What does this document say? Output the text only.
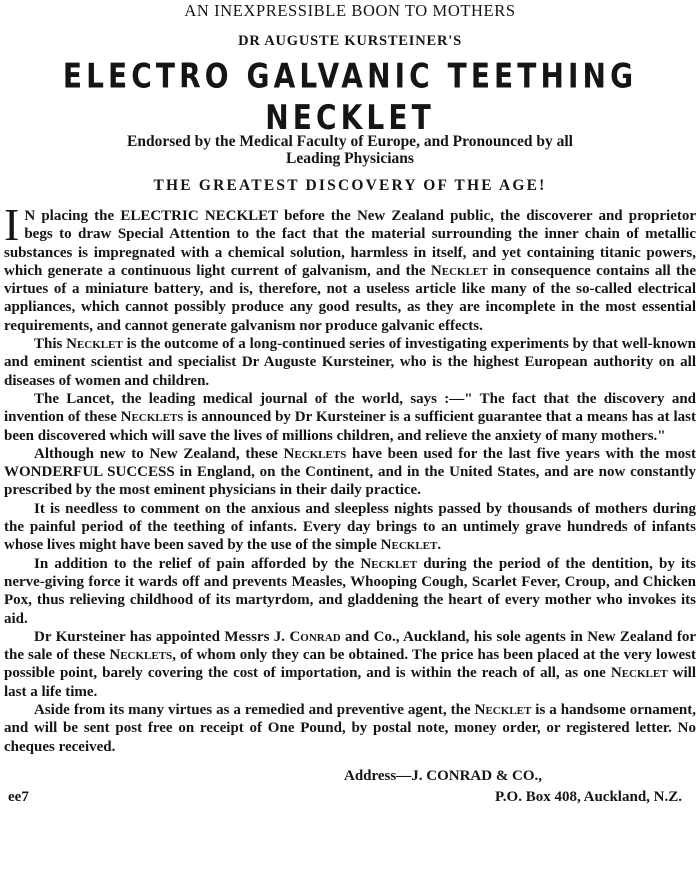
AN INEXPRESSIBLE BOON TO MOTHERS
DR AUGUSTE KURSTEINER'S
ELECTRO GALVANIC TEETHING NECKLET
Endorsed by the Medical Faculty of Europe, and Pronounced by all
Leading Physicians
THE GREATEST DISCOVERY OF THE AGE!

I N placing the ELECTRIC NECKLET before the New Zealand public, the discoverer and proprietor begs to draw Special Attention to the fact that the material surrounding the inner chain of metallic substances is impregnated with a chemical solution, harmless in itself, and yet containing titanic powers, which generate a continuous light current of galvanism, and the Necklet in consequence contains all the virtues of a miniature battery, and is, therefore, not a useless article like many of the so-called electrical appliances, which cannot possibly produce any good results, as they are incomplete in the most essential requirements, and cannot generate galvanism nor produce galvanic effects.

This Necklet is the outcome of a long-continued series of investigating experiments by that well-known and eminent scientist and specialist Dr Auguste Kursteiner, who is the highest European authority on all diseases of women and children.

The Lancet, the leading medical journal of the world, says :—" The fact that the discovery and invention of these Necklets is announced by Dr Kursteiner is a sufficient guarantee that a means has at last been discovered which will save the lives of millions children, and relieve the anxiety of many mothers."

Although new to New Zealand, these Necklets have been used for the last five years with the most WONDERFUL SUCCESS in England, on the Continent, and in the United States, and are now constantly prescribed by the most eminent physicians in their daily practice.

It is needless to comment on the anxious and sleepless nights passed by thousands of mothers during the painful period of the teething of infants. Every day brings to an untimely grave hundreds of infants whose lives might have been saved by the use of the simple Necklet.

In addition to the relief of pain afforded by the Necklet during the period of the dentition, by its nerve-giving force it wards off and prevents Measles, Whooping Cough, Scarlet Fever, Croup, and Chicken Pox, thus relieving childhood of its martyrdom, and gladdening the heart of every mother who invokes its aid.

Dr Kursteiner has appointed Messrs J. Conrad and Co., Auckland, his sole agents in New Zealand for the sale of these Necklets, of whom only they can be obtained. The price has been placed at the very lowest possible point, barely covering the cost of importation, and is within the reach of all, as one Necklet will last a life time.

Aside from its many virtues as a remedied and preventive agent, the Necklet is a handsome ornament, and will be sent post free on receipt of One Pound, by postal note, money order, or registered letter. No cheques received.

Address—J. CONRAD & CO.,
ee7	P.O. Box 408, Auckland, N.Z.
